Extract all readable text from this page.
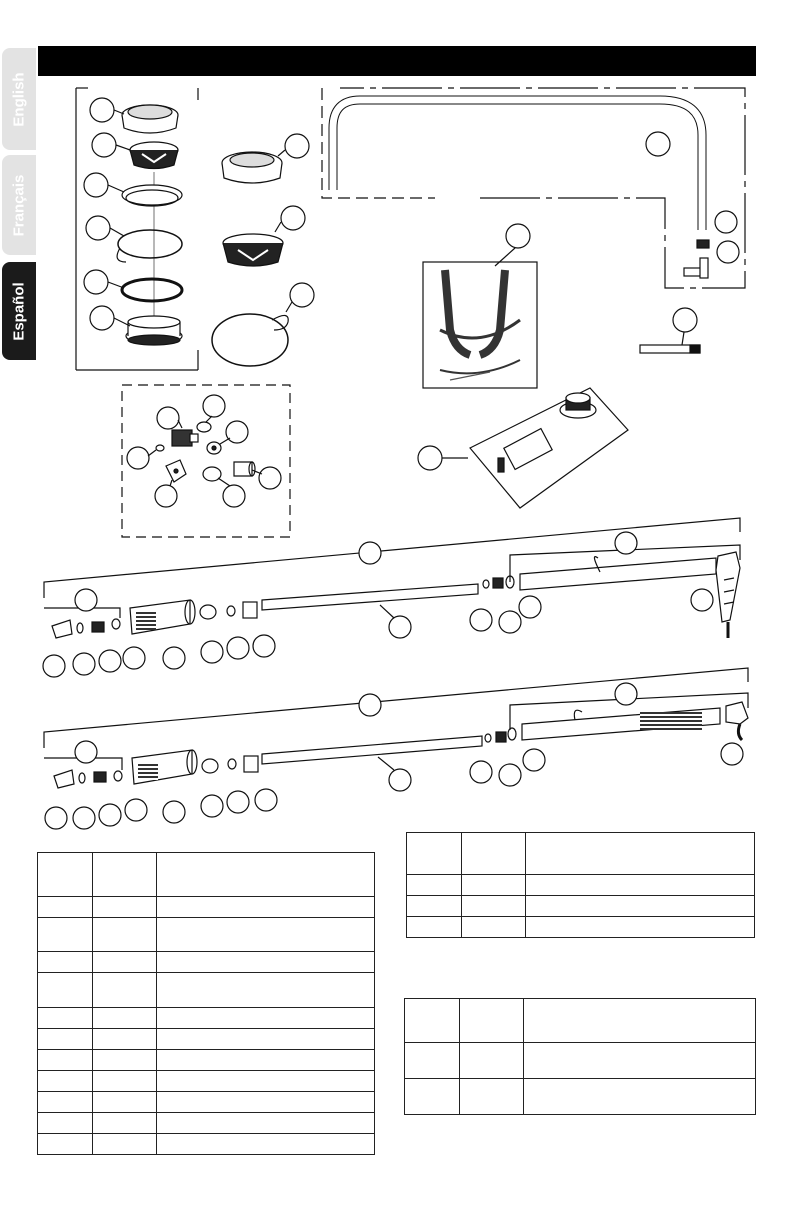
English
Français
Español
